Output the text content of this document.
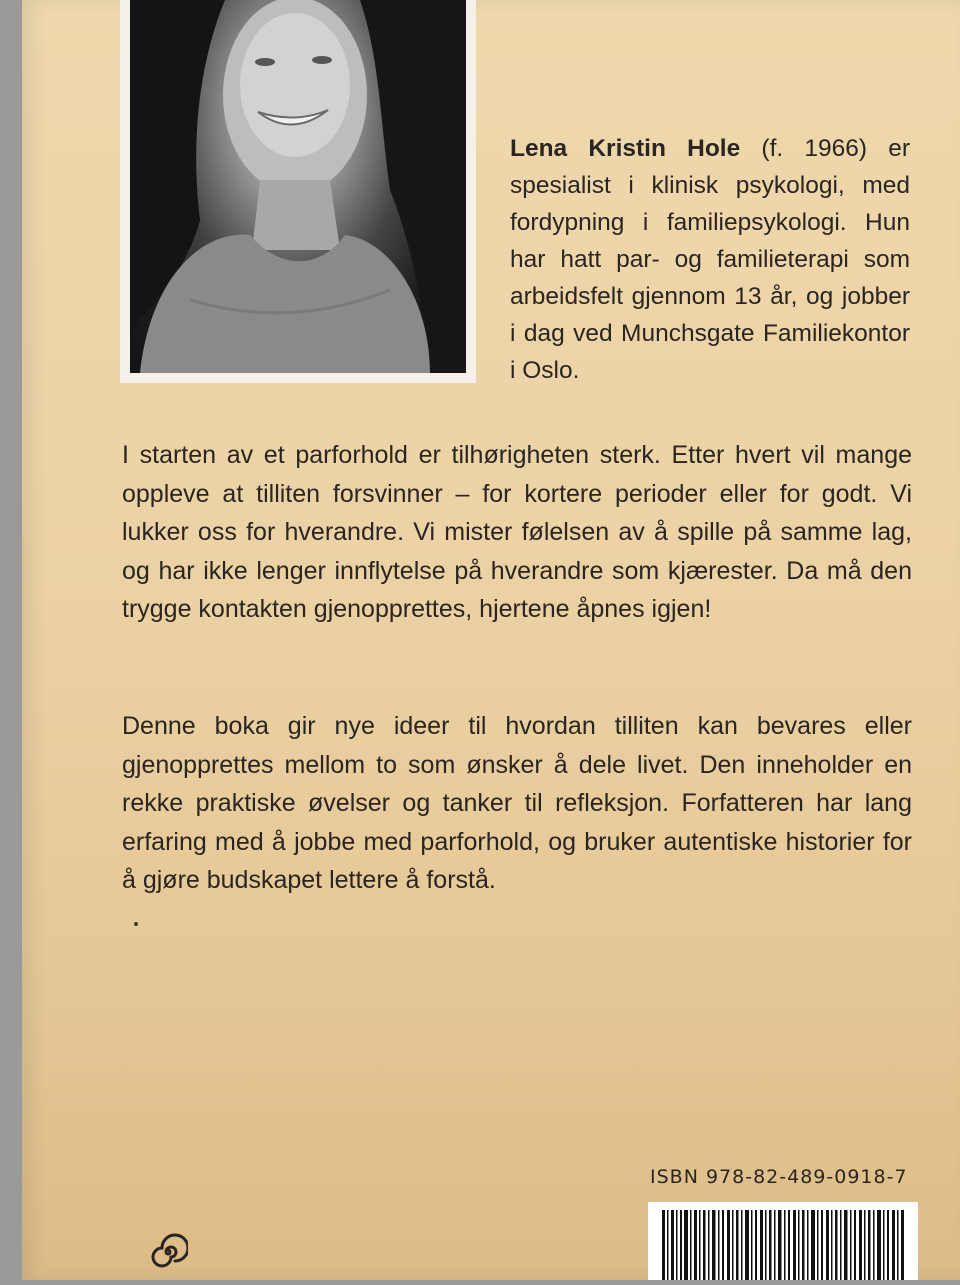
Lena Kristin Hole (f. 1966) er spesialist i klinisk psykologi, med fordypning i familiepsykologi. Hun har hatt par- og familieterapi som arbeidsfelt gjennom 13 år, og jobber i dag ved Munchsgate Familiekontor i Oslo.
I starten av et parforhold er tilhørigheten sterk. Etter hvert vil mange oppleve at tilliten forsvinner – for kortere perioder eller for godt. Vi lukker oss for hverandre. Vi mister følelsen av å spille på samme lag, og har ikke lenger innflytelse på hverandre som kjærester. Da må den trygge kontakten gjenopprettes, hjertene åpnes igjen!
Denne boka gir nye ideer til hvordan tilliten kan bevares eller gjenopprettes mellom to som ønsker å dele livet. Den inneholder en rekke praktiske øvelser og tanker til refleksjon. Forfatteren har lang erfaring med å jobbe med parforhold, og bruker autentiske historier for å gjøre budskapet lettere å forstå.
ISBN 978-82-489-0918-7
